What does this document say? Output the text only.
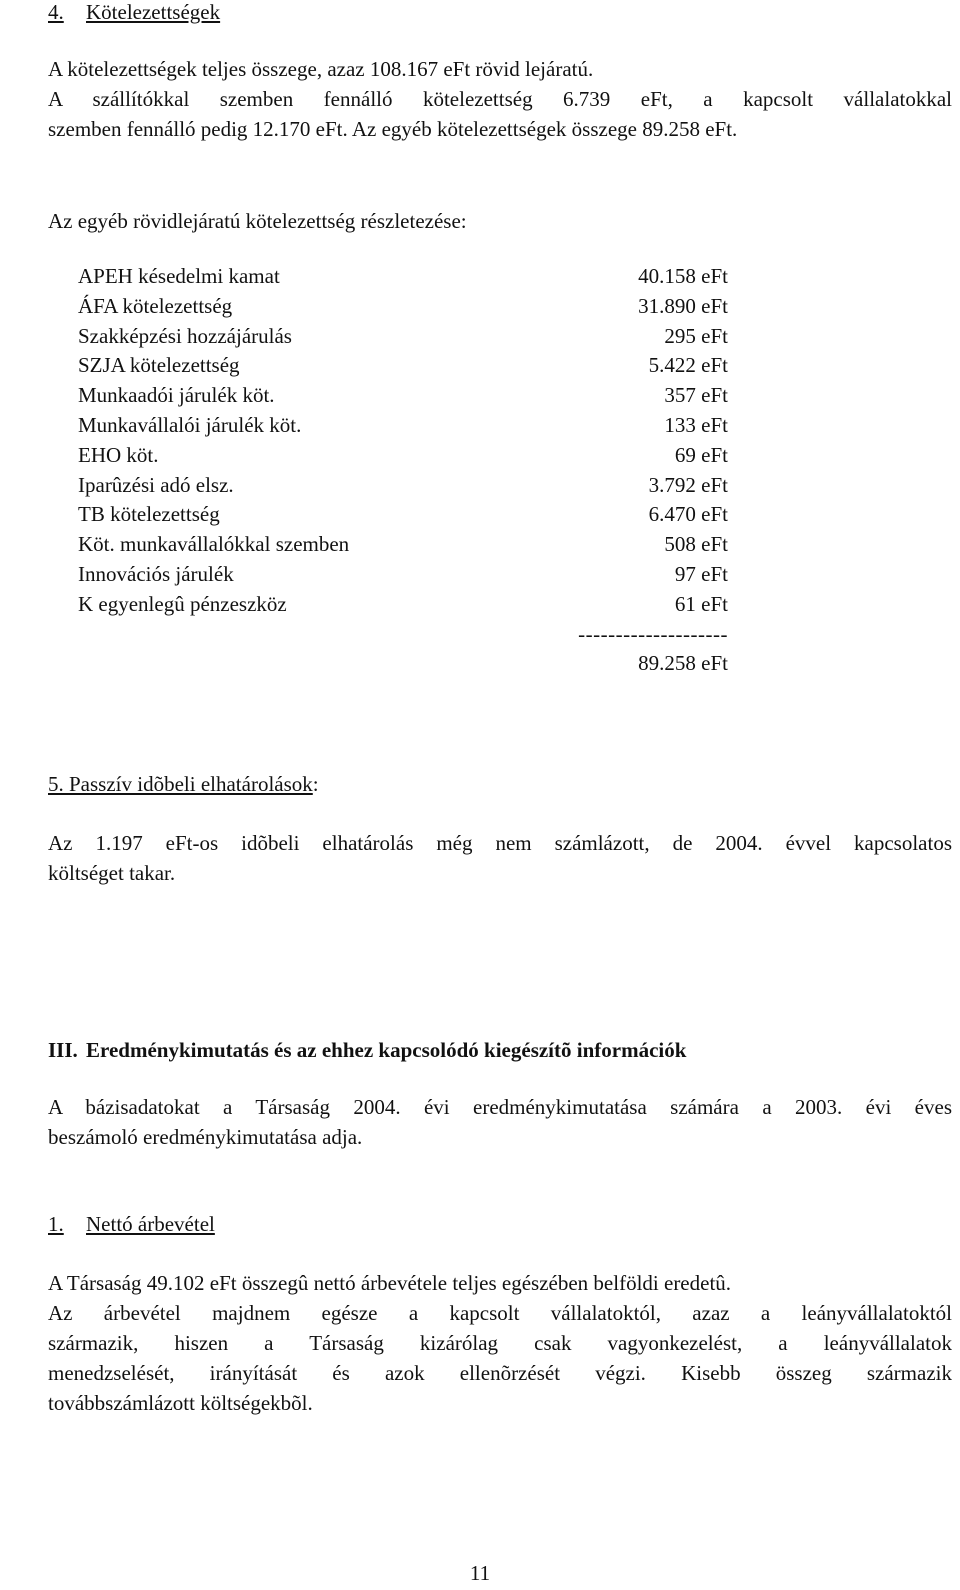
4. Kötelezettségek
A kötelezettségek teljes összege, azaz 108.167 eFt rövid lejáratú.
A szállítókkal szemben fennálló kötelezettség 6.739 eFt, a kapcsolt vállalatokkal
szemben fennálló pedig 12.170 eFt. Az egyéb kötelezettségek összege 89.258 eFt.
Az egyéb rövidlejáratú kötelezettség részletezése:
APEH késedelmi kamat	40.158 eFt
ÁFA kötelezettség	31.890 eFt
Szakképzési hozzájárulás	295 eFt
SZJA kötelezettség	5.422 eFt
Munkaadói járulék köt.	357 eFt
Munkavállalói járulék köt.	133 eFt
EHO köt.	69 eFt
Iparûzési adó elsz.	3.792 eFt
TB kötelezettség	6.470 eFt
Köt. munkavállalókkal szemben	508 eFt
Innovációs járulék	97 eFt
K egyenlegû pénzeszköz	61 eFt
--------------------
89.258 eFt
5. Passzív idõbeli elhatárolások:
Az 1.197 eFt-os idõbeli elhatárolás még nem számlázott, de 2004. évvel kapcsolatos
költséget takar.
III. Eredménykimutatás és az ehhez kapcsolódó kiegészítõ információk
A bázisadatokat a Társaság 2004. évi eredménykimutatása számára a 2003. évi éves
beszámoló eredménykimutatása adja.
1. Nettó árbevétel
A Társaság 49.102 eFt összegû nettó árbevétele teljes egészében belföldi eredetû.
Az árbevétel majdnem egésze a kapcsolt vállalatoktól, azaz a leányvállalatoktól
származik, hiszen a Társaság kizárólag csak vagyonkezelést, a leányvállalatok
menedzselését, irányítását és azok ellenõrzését végzi. Kisebb összeg származik
továbbszámlázott költségekbõl.
11
